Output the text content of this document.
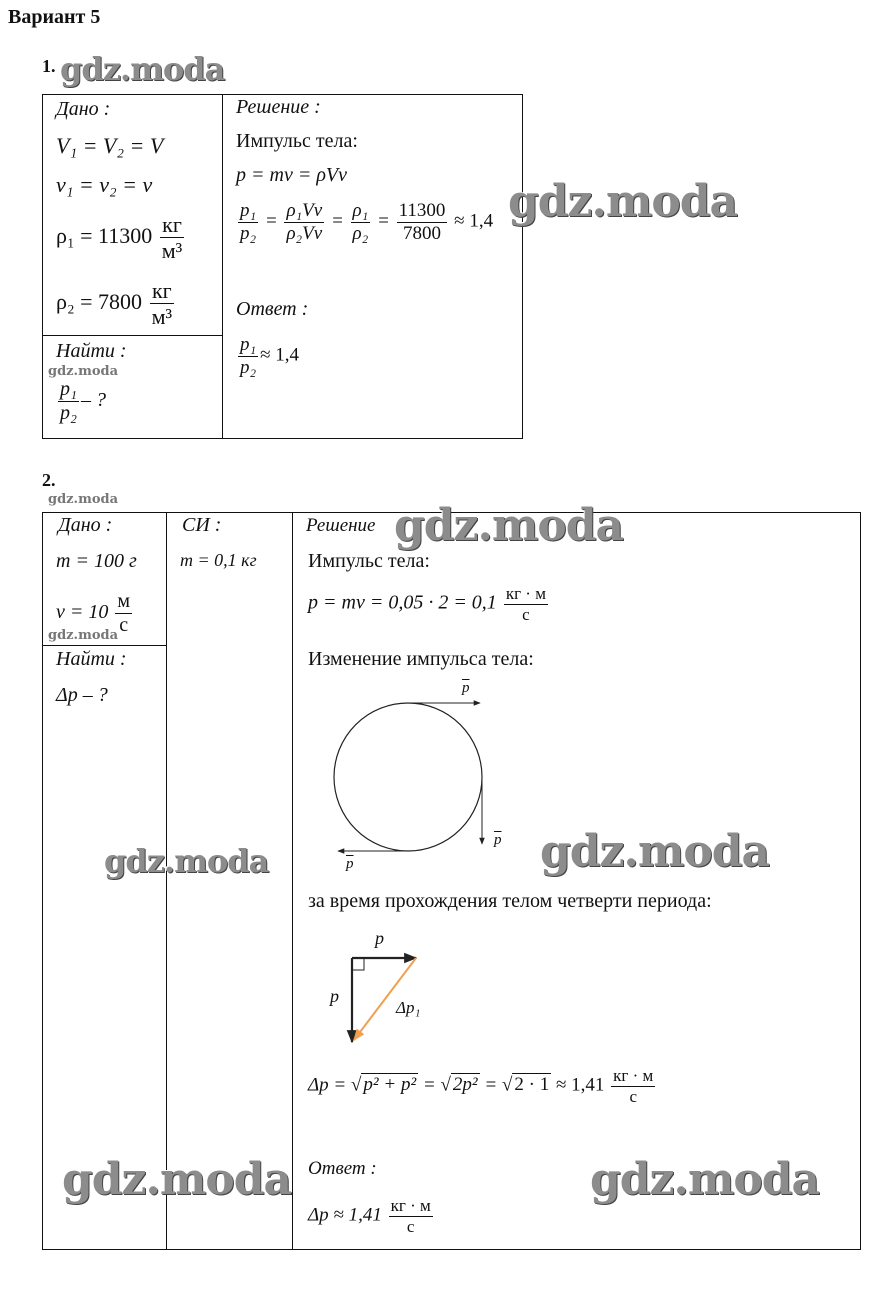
Вариант 5
1. gdz.moda
Дано :
V₁ = V₂ = V
v₁ = v₂ = v
$\rho_1 = 11300 \frac{кг}{\text{м³}}$
$\rho_2 = 7800 \frac{кг}{\text{м³}}$
Найти :
gdz.moda
$\frac{\text{p₁}}{\text{p₂}}$ – ?
Решение :
Импульс тела:
p = mv = ρVv
$\frac{\text{p₁}}{\text{p₂}} = \frac{\text{ρ₁Vv}}{\text{ρ₂Vv}} = \frac{\text{ρ₁}}{\text{ρ₂}} = \frac{11300}{7800} \approx 1,4$ gdz.moda
Ответ :
$\frac{\text{p₁}}{\text{p₂}} \approx 1,4$
2.
gdz.moda
Дано :	СИ :
m = 100 г m = 0,1 кг
$v = 10 \frac{м}{с}$
gdz.moda
Найти :
Δp – ?
gdz.moda
gdz.moda
Решение gdz.moda
Импульс тела:
p = mv = $0,05 \cdot 2 = 0,1 \frac{кг \cdot м}{с}$
Изменение импульса тела:
$\overline{p}$
$\overline{p}$
$\overline{p}$	gdz.moda
за время прохождения телом четверти периода:
p
p
Δp₁
Δp = √ p² + p² = √ 2p² = √ $2 \cdot 1 \approx 1,41 \frac{кг \cdot м}{с}$
Ответ :	gdz.moda
$\Delta p \approx 1,41 \frac{кг \cdot м}{с}$
